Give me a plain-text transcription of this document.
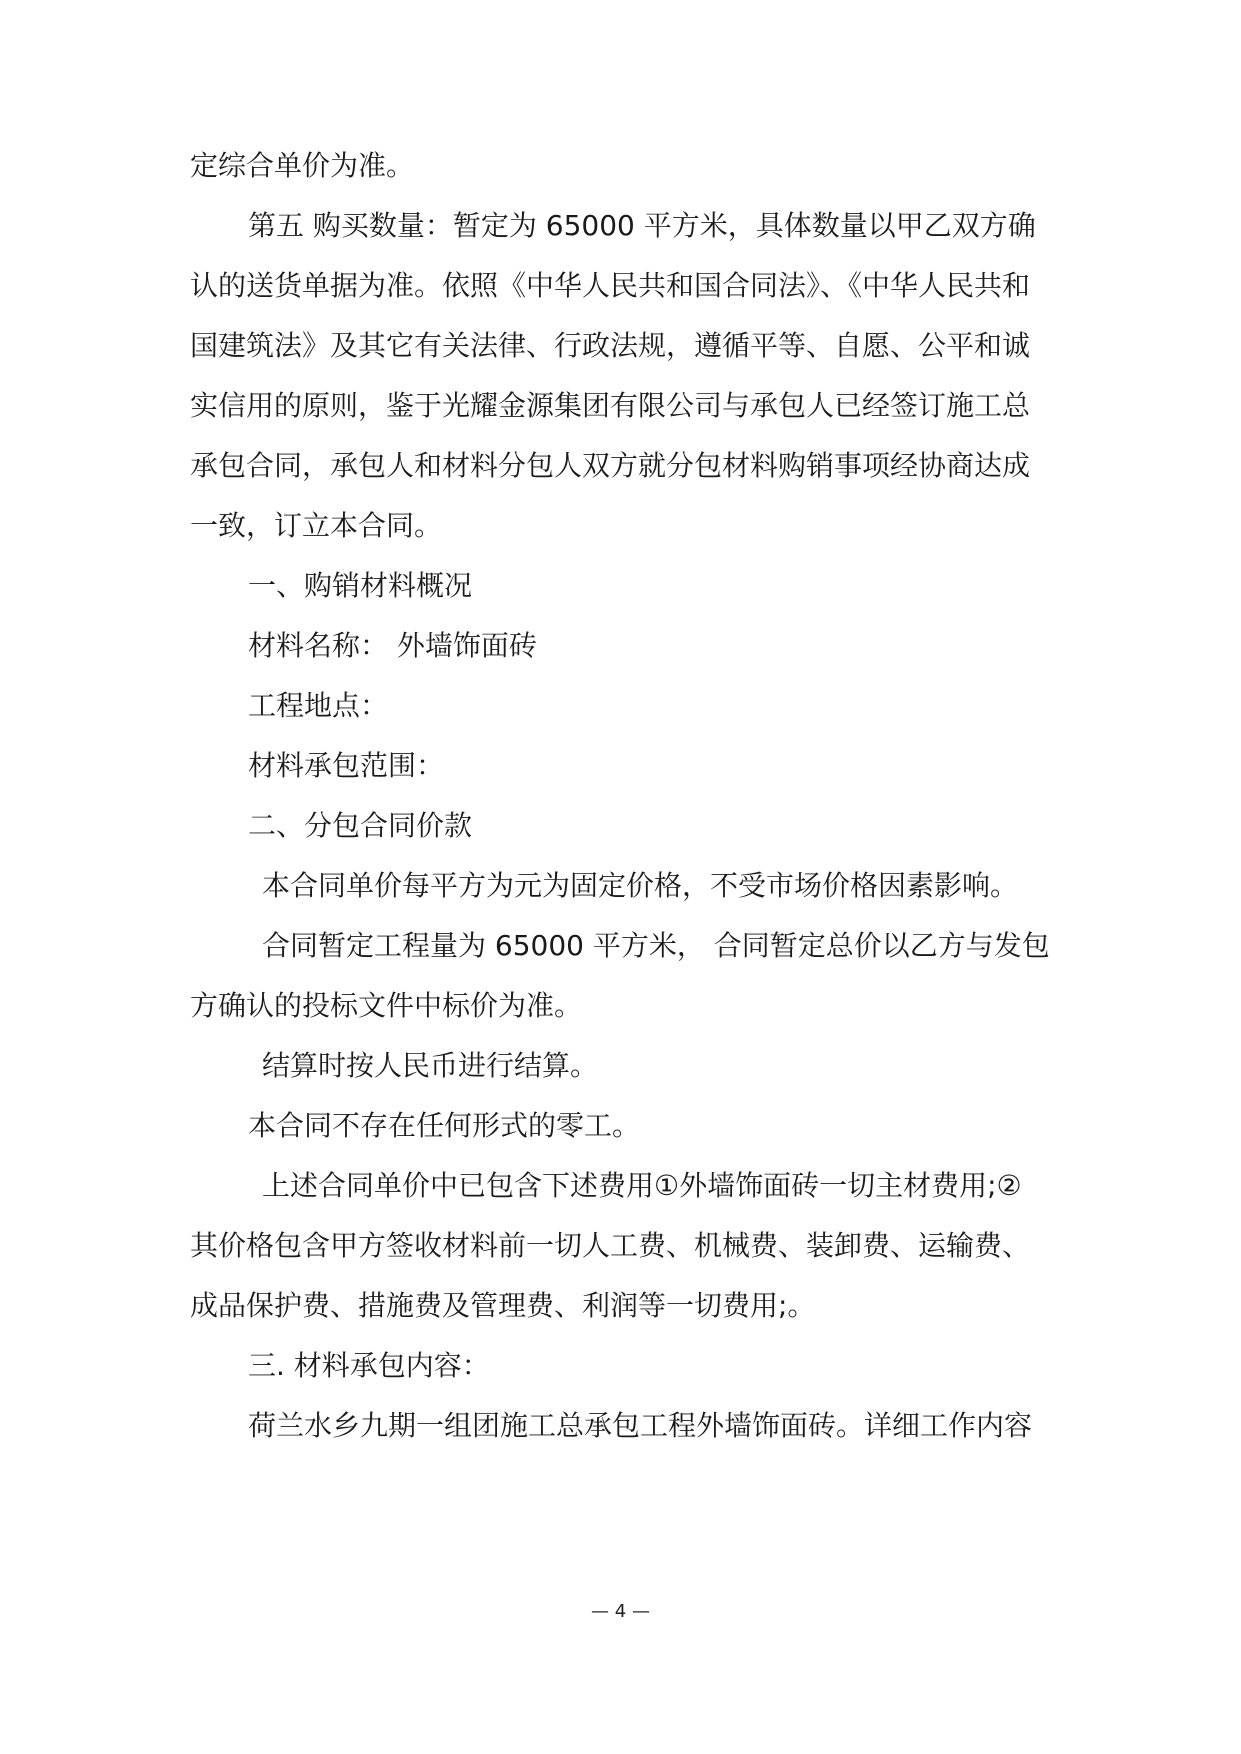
定综合单价为准。
第五 购买数量：暂定为 65000 平方米，具体数量以甲乙双方确
认的送货单据为准。依照《中华人民共和国合同法》、《中华人民共和
国建筑法》及其它有关法律、行政法规，遵循平等、自愿、公平和诚
实信用的原则，鉴于光耀金源集团有限公司与承包人已经签订施工总
承包合同，承包人和材料分包人双方就分包材料购销事项经协商达成
一致，订立本合同。
一、购销材料概况
材料名称： 外墙饰面砖
工程地点：
材料承包范围：
二、分包合同价款
本合同单价每平方为元为固定价格，不受市场价格因素影响。
合同暂定工程量为 65000 平方米， 合同暂定总价以乙方与发包
方确认的投标文件中标价为准。
结算时按人民币进行结算。
本合同不存在任何形式的零工。
上述合同单价中已包含下述费用①外墙饰面砖一切主材费用;②
其价格包含甲方签收材料前一切人工费、机械费、装卸费、运输费、
成品保护费、措施费及管理费、利润等一切费用;。
三. 材料承包内容：
荷兰水乡九期一组团施工总承包工程外墙饰面砖。详细工作内容
— 4 —
